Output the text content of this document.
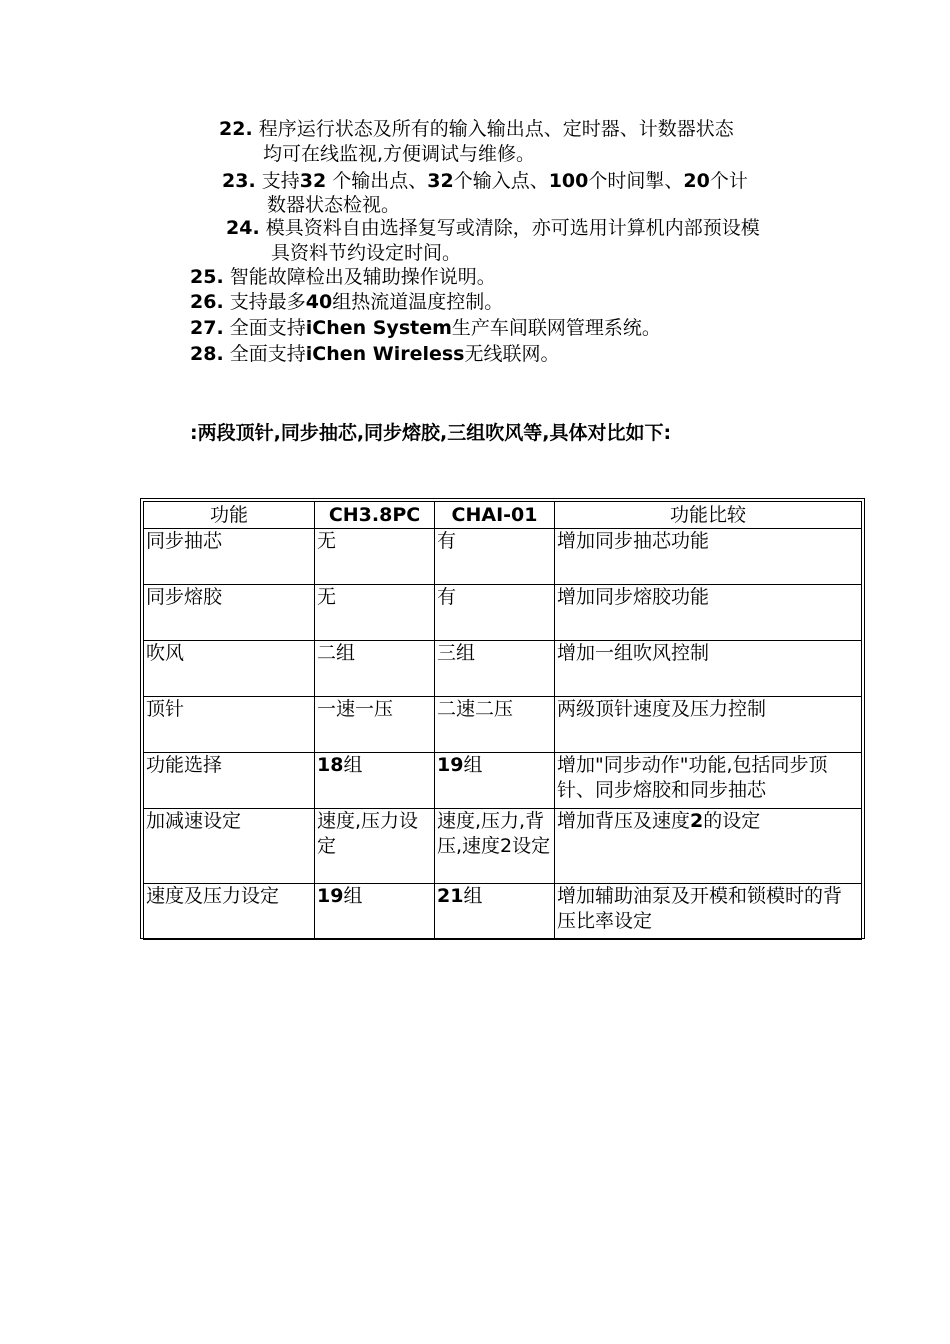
22. 程序运行状态及所有的输入输出点、定时器、计数器状态
均可在线监视,方便调试与维修。
23. 支持32 个输出点、32个输入点、100个时间掣、20个计
数器状态检视。
24. 模具资料自由选择复写或清除，亦可选用计算机内部预设模
具资料节约设定时间。
25. 智能故障检出及辅助操作说明。
26. 支持最多40组热流道温度控制。
27. 全面支持iChen System生产车间联网管理系统。
28. 全面支持iChen Wireless无线联网。
:两段顶针,同步抽芯,同步熔胶,三组吹风等,具体对比如下:
功能	CH3.8PC	CHAI-01	功能比较
同步抽芯	无	有	增加同步抽芯功能
同步熔胶	无	有	增加同步熔胶功能
吹风	二组	三组	增加一组吹风控制
顶针	一速一压	二速二压	两级顶针速度及压力控制
功能选择	18组	19组	增加"同步动作"功能,包括同步顶针、同步熔胶和同步抽芯
加减速设定	速度,压力设定	速度,压力,背压,速度2设定	增加背压及速度2的设定
速度及压力设定	19组	21组	增加辅助油泵及开模和锁模时的背压比率设定
